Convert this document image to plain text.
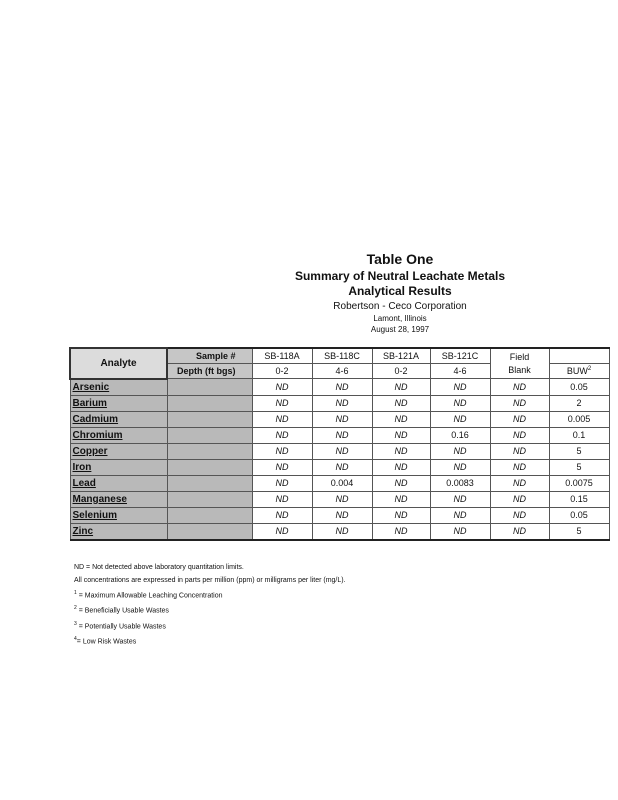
Table One
Summary of Neutral Leachate Metals
Analytical Results
Robertson - Ceco Corporation
Lamont, Illinois
August 28, 1997
Analyte	Sample #	SB-118A	SB-118C	SB-121A	SB-121C	Field
Blank	
	Depth (ft bgs)	0-2	4-6	0-2	4-6		BUW$^2$
Arsenic		ND	ND	ND	ND	ND	0.05
Barium		ND	ND	ND	ND	ND	2
Cadmium		ND	ND	ND	ND	ND	0.005
Chromium		ND	ND	ND	0.16	ND	0.1
Copper		ND	ND	ND	ND	ND	5
Iron		ND	ND	ND	ND	ND	5
Lead		ND	0.004	ND	0.0083	ND	0.0075
Manganese		ND	ND	ND	ND	ND	0.15
Selenium		ND	ND	ND	ND	ND	0.05
Zinc		ND	ND	ND	ND	ND	5
ND = Not detected above laboratory quantitation limits.
All concentrations are expressed in parts per million (ppm) or milligrams per liter (mg/L).
$^1$ = Maximum Allowable Leaching Concentration
$^2$ = Beneficially Usable Wastes
$^3$ = Potentially Usable Wastes
$^4$= Low Risk Wastes
